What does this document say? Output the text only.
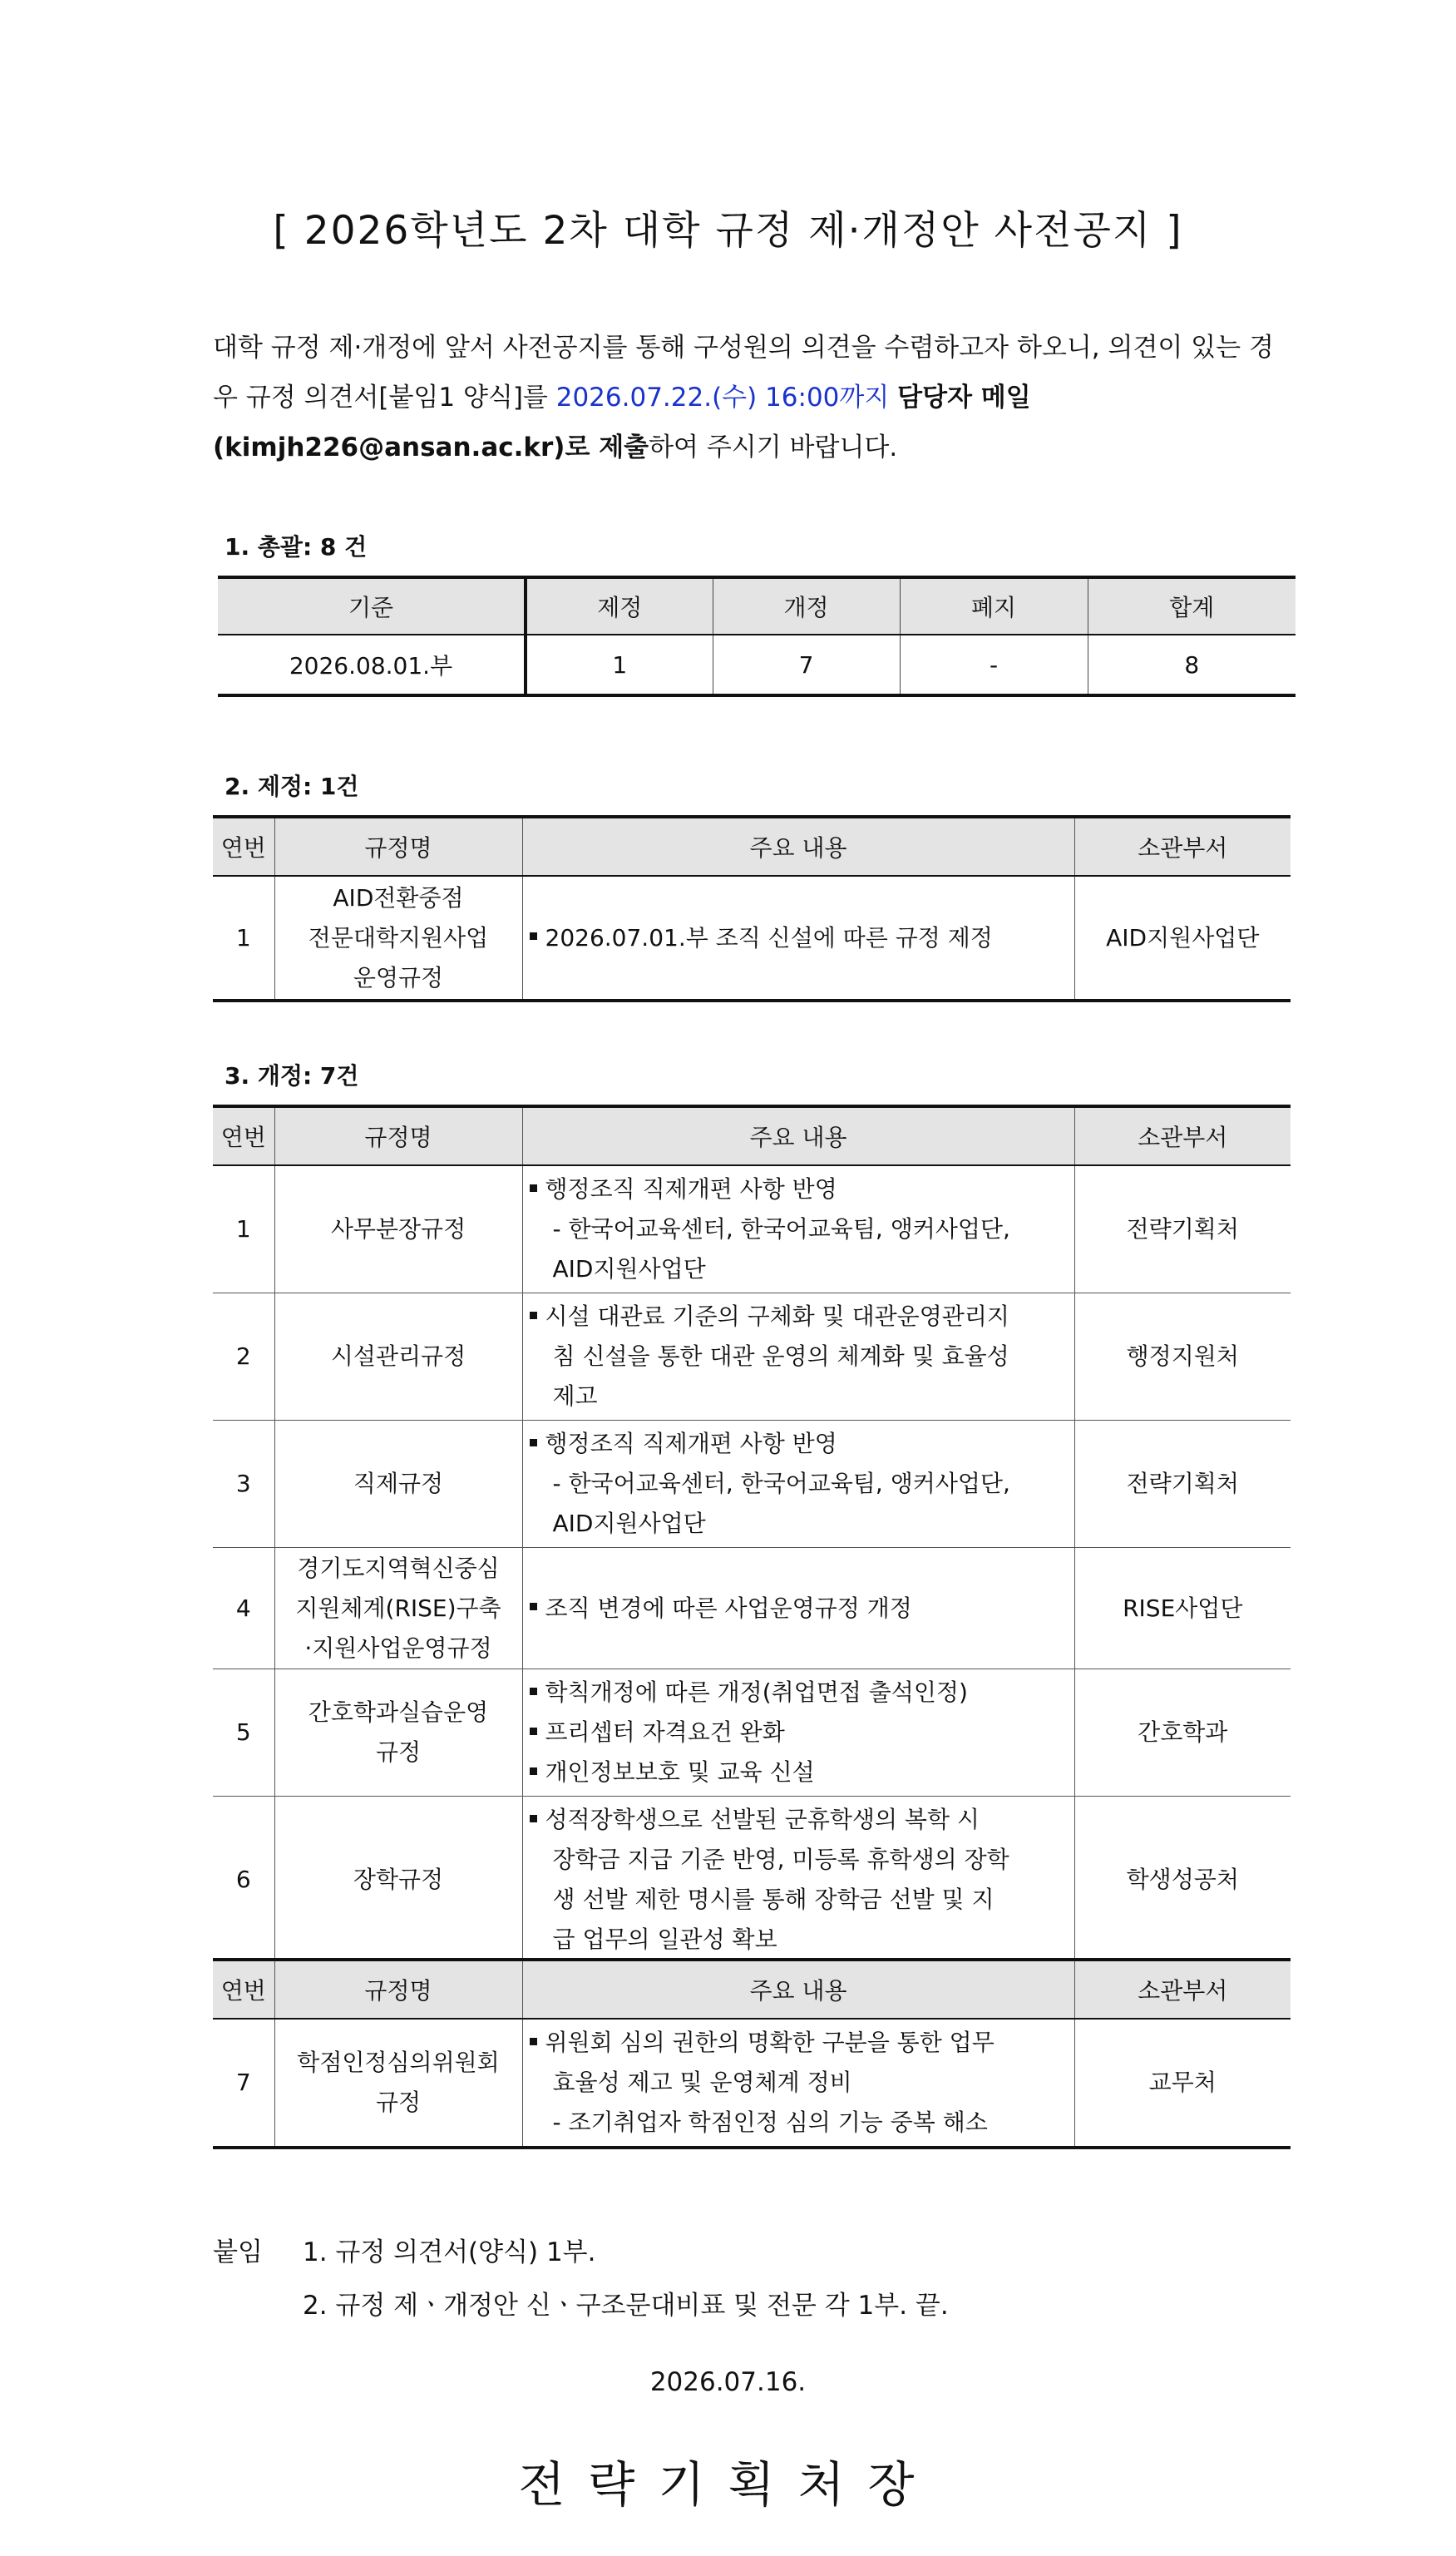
[ 2026학년도 2차 대학 규정 제·개정안 사전공지 ]
대학 규정 제·개정에 앞서 사전공지를 통해 구성원의 의견을 수렴하고자 하오니, 의견이 있는 경우 규정 의견서[붙임1 양식]를 2026.07.22.(수) 16:00까지 담당자 메일 (kimjh226@ansan.ac.kr)로 제출하여 주시기 바랍니다.
1. 총괄: 8 건
기준	제정	개정	폐지	합계
2026.08.01.부	1	7	-	8
2. 제정: 1건
연번	규정명	주요 내용	소관부서
1	AID전환중점
전문대학지원사업
운영규정	2026.07.01.부 조직 신설에 따른 규정 제정	AID지원사업단
3. 개정: 7건
연번	규정명	주요 내용	소관부서
1	사무분장규정	행정조직 직제개편 사항 반영
- 한국어교육센터, 한국어교육팀, 앵커사업단,
AID지원사업단	전략기획처
2	시설관리규정	시설 대관료 기준의 구체화 및 대관운영관리지
침 신설을 통한 대관 운영의 체계화 및 효율성
제고	행정지원처
3	직제규정	행정조직 직제개편 사항 반영
- 한국어교육센터, 한국어교육팀, 앵커사업단,
AID지원사업단	전략기획처
4	경기도지역혁신중심
지원체계(RISE)구축
·지원사업운영규정	조직 변경에 따른 사업운영규정 개정	RISE사업단
5	간호학과실습운영
규정	학칙개정에 따른 개정(취업면접 출석인정)
프리셉터 자격요건 완화
개인정보보호 및 교육 신설	간호학과
6	장학규정	성적장학생으로 선발된 군휴학생의 복학 시
장학금 지급 기준 반영, 미등록 휴학생의 장학
생 선발 제한 명시를 통해 장학금 선발 및 지
급 업무의 일관성 확보	학생성공처
연번	규정명	주요 내용	소관부서
7	학점인정심의위원회
규정	위원회 심의 권한의 명확한 구분을 통한 업무
효율성 제고 및 운영체계 정비
- 조기취업자 학점인정 심의 기능 중복 해소	교무처
붙임 1. 규정 의견서(양식) 1부.
2. 규정 제ㆍ개정안 신ㆍ구조문대비표 및 전문 각 1부. 끝.
2026.07.16.
전략기획처장
